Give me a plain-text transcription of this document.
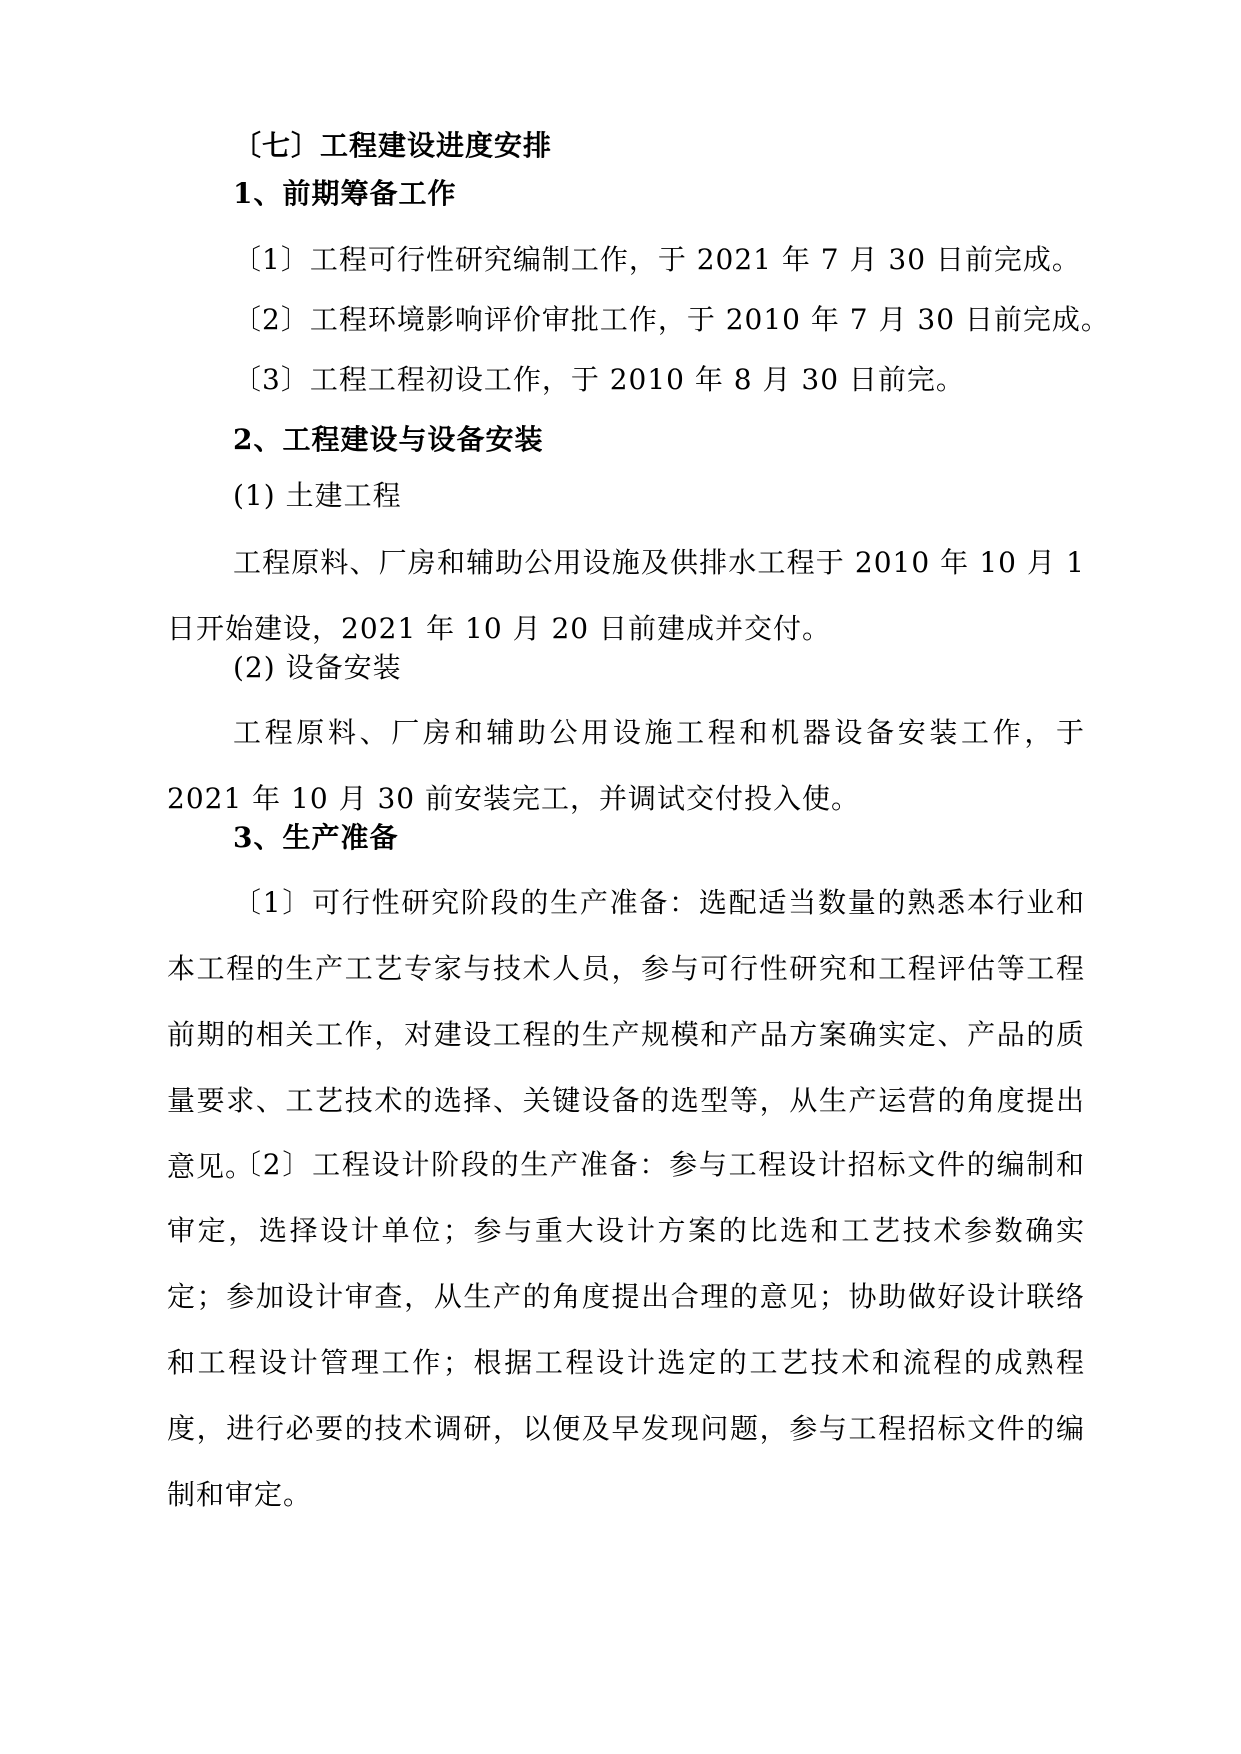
〔七〕工程建设进度安排

1、前期筹备工作

〔1〕工程可行性研究编制工作，于 2021 年 7 月 30 日前完成。

〔2〕工程环境影响评价审批工作，于 2010 年 7 月 30 日前完成。

〔3〕工程工程初设工作，于 2010 年 8 月 30 日前完。

2、工程建设与设备安装

(1) 土建工程

工程原料、厂房和辅助公用设施及供排水工程于 2010 年 10 月 1 日开始建设，2021 年 10 月 20 日前建成并交付。

(2) 设备安装

工程原料、厂房和辅助公用设施工程和机器设备安装工作，于 2021 年 10 月 30 前安装完工，并调试交付投入使。

3、生产准备

〔1〕可行性研究阶段的生产准备：选配适当数量的熟悉本行业和本工程的生产工艺专家与技术人员，参与可行性研究和工程评估等工程前期的相关工作，对建设工程的生产规模和产品方案确实定、产品的质量要求、工艺技术的选择、关键设备的选型等，从生产运营的角度提出意见。

〔2〕工程设计阶段的生产准备：参与工程设计招标文件的编制和审定，选择设计单位；参与重大设计方案的比选和工艺技术参数确实定；参加设计审查，从生产的角度提出合理的意见；协助做好设计联络和工程设计管理工作；根据工程设计选定的工艺技术和流程的成熟程度，进行必要的技术调研，以便及早发现问题，参与工程招标文件的编制和审定。
